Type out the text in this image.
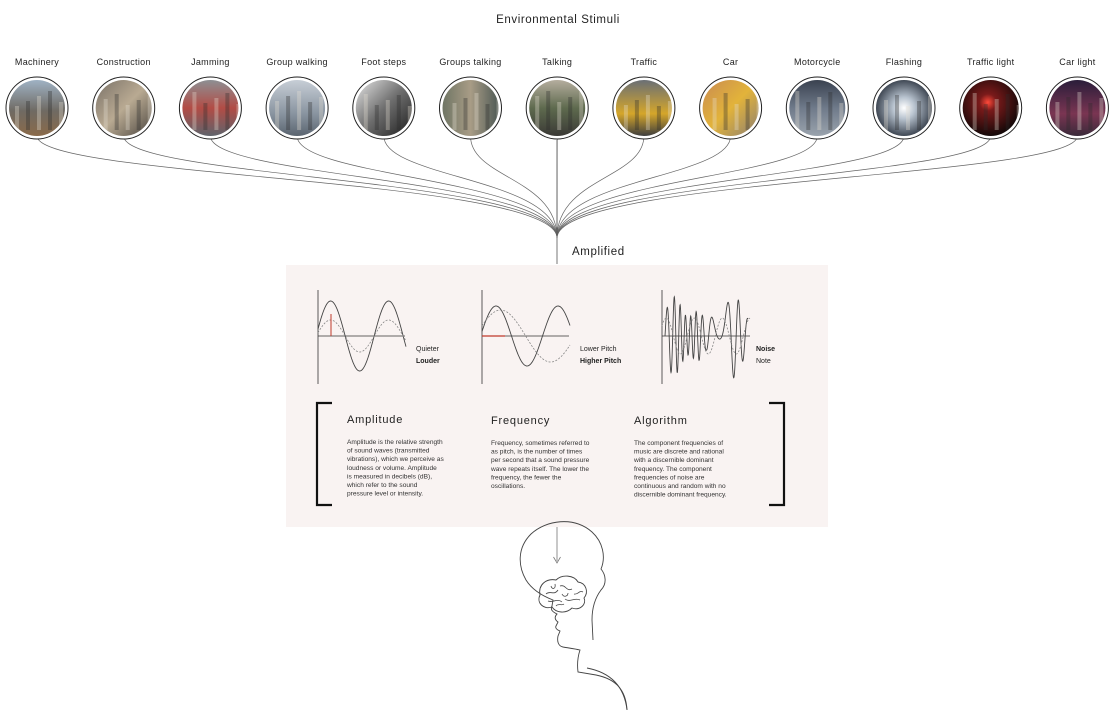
Environmental Stimuli
Machinery	Construction	Jamming	Group walking	Foot steps	Groups talking	Talking	Traffic	Car	Motorcycle	Flashing	Traffic light	Car light
Amplified
Quieter
Louder
Lower Pitch
Higher Pitch
Noise
Note
Amplitude	Frequency	Algorithm
Amplitude is the relative strength of sound waves (transmitted vibrations), which we perceive as loudness or volume. Amplitude is measured in decibels (dB), which refer to the sound pressure level or intensity.
Frequency, sometimes referred to as pitch, is the number of times per second that a sound pressure wave repeats itself. The lower the frequency, the fewer the oscillations.
The component frequencies of music are discrete and rational with a discernible dominant frequency. The component frequencies of noise are continuous and random with no discernible dominant frequency.
